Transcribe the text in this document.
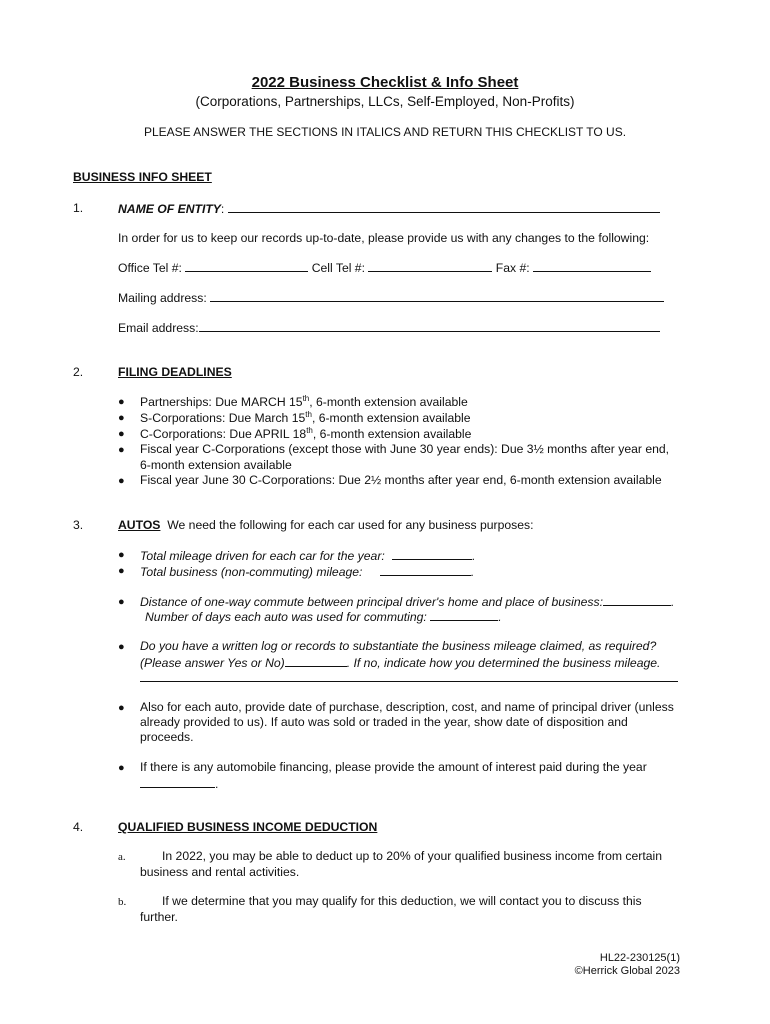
2022 Business Checklist & Info Sheet
(Corporations, Partnerships, LLCs, Self-Employed, Non-Profits)
PLEASE ANSWER THE SECTIONS IN ITALICS AND RETURN THIS CHECKLIST TO US.
BUSINESS INFO SHEET
1.	NAME OF ENTITY:
In order for us to keep our records up-to-date, please provide us with any changes to the following:
Office Tel #:	Cell Tel #:	Fax #:
Mailing address:
Email address:
2.	FILING DEADLINES
● Partnerships: Due MARCH 15th, 6-month extension available
● S-Corporations: Due March 15th, 6-month extension available
● C-Corporations: Due APRIL 18th, 6-month extension available
● Fiscal year C-Corporations (except those with June 30 year ends): Due 3½ months after year end,
6-month extension available
● Fiscal year June 30 C-Corporations: Due 2½ months after year end, 6-month extension available
3.	AUTOS We need the following for each car used for any business purposes:
● Total mileage driven for each car for the year:	.
● Total business (non-commuting) mileage:	.
● Distance of one-way commute between principal driver's home and place of business:	.
Number of days each auto was used for commuting:	.
● Do you have a written log or records to substantiate the business mileage claimed, as required?
(Please answer Yes or No)	. If no, indicate how you determined the business mileage.
● Also for each auto, provide date of purchase, description, cost, and name of principal driver (unless
already provided to us). If auto was sold or traded in the year, show date of disposition and
proceeds.
● If there is any automobile financing, please provide the amount of interest paid during the year
.
4.	QUALIFIED BUSINESS INCOME DEDUCTION
a.	In 2022, you may be able to deduct up to 20% of your qualified business income from certain
business and rental activities.
b.	If we determine that you may qualify for this deduction, we will contact you to discuss this
further.
HL22-230125(1)
©Herrick Global 2023
